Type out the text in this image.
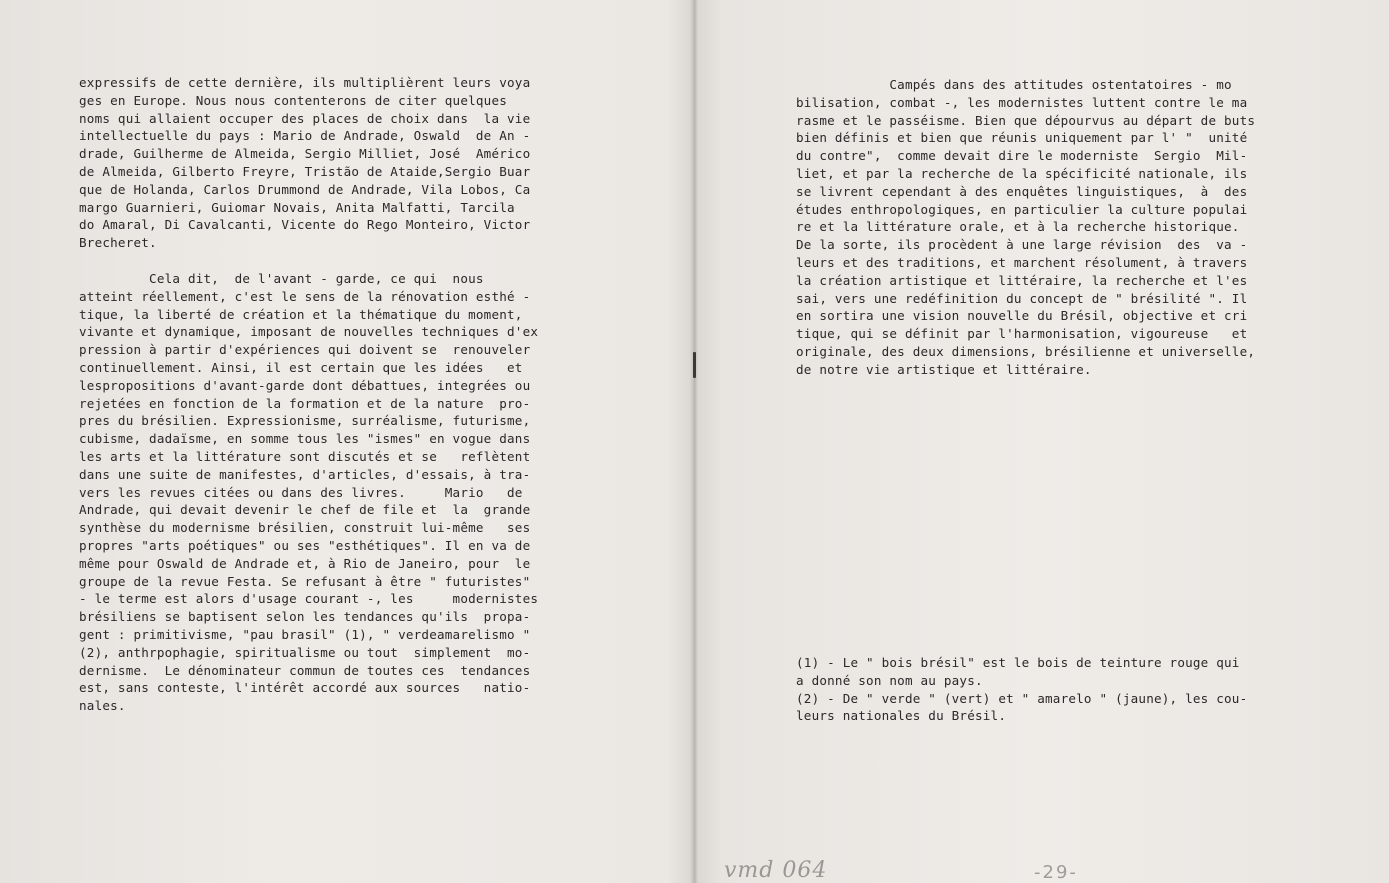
expressifs de cette dernière, ils multiplièrent leurs voya
ges en Europe. Nous nous contenterons de citer quelques
noms qui allaient occuper des places de choix dans  la vie
intellectuelle du pays : Mario de Andrade, Oswald  de An -
drade, Guilherme de Almeida, Sergio Milliet, José  Américo
de Almeida, Gilberto Freyre, Tristão de Ataide,Sergio Buar
que de Holanda, Carlos Drummond de Andrade, Vila Lobos, Ca
margo Guarnieri, Guiomar Novais, Anita Malfatti, Tarcila
do Amaral, Di Cavalcanti, Vicente do Rego Monteiro, Victor
Brecheret.
Cela dit,  de l'avant - garde, ce qui  nous
atteint réellement, c'est le sens de la rénovation esthé -
tique, la liberté de création et la thématique du moment,
vivante et dynamique, imposant de nouvelles techniques d'ex
pression à partir d'expériences qui doivent se  renouveler
continuellement. Ainsi, il est certain que les idées   et
lespropositions d'avant-garde dont débattues, integrées ou
rejetées en fonction de la formation et de la nature  pro-
pres du brésilien. Expressionisme, surréalisme, futurisme,
cubisme, dadaïsme, en somme tous les "ismes" en vogue dans
les arts et la littérature sont discutés et se   reflètent
dans une suite de manifestes, d'articles, d'essais, à tra-
vers les revues citées ou dans des livres.     Mario   de
Andrade, qui devait devenir le chef de file et  la  grande
synthèse du modernisme brésilien, construit lui-même   ses
propres "arts poétiques" ou ses "esthétiques". Il en va de
même pour Oswald de Andrade et, à Rio de Janeiro, pour  le
groupe de la revue Festa. Se refusant à être " futuristes"
- le terme est alors d'usage courant -, les     modernistes
brésiliens se baptisent selon les tendances qu'ils  propa-
gent : primitivisme, "pau brasil" (1), " verdeamarelismo "
(2), anthrpophagie, spiritualisme ou tout  simplement  mo-
dernisme.  Le dénominateur commun de toutes ces  tendances
est, sans conteste, l'intérêt accordé aux sources   natio-
nales.
Campés dans des attitudes ostentatoires - mo
bilisation, combat -, les modernistes luttent contre le ma
rasme et le passéisme. Bien que dépourvus au départ de buts
bien définis et bien que réunis uniquement par l' "  unité
du contre",  comme devait dire le moderniste  Sergio  Mil-
liet, et par la recherche de la spécificité nationale, ils
se livrent cependant à des enquêtes linguistiques,  à  des
études enthropologiques, en particulier la culture populai
re et la littérature orale, et à la recherche historique.
De la sorte, ils procèdent à une large révision  des  va -
leurs et des traditions, et marchent résolument, à travers
la création artistique et littéraire, la recherche et l'es
sai, vers une redéfinition du concept de " brésilité ". Il
en sortira une vision nouvelle du Brésil, objective et cri
tique, qui se définit par l'harmonisation, vigoureuse   et
originale, des deux dimensions, brésilienne et universelle,
de notre vie artistique et littéraire.
(1) - Le " bois brésil" est le bois de teinture rouge qui
a donné son nom au pays.
(2) - De " verde " (vert) et " amarelo " (jaune), les cou-
leurs nationales du Brésil.
vmd 064	-29-
